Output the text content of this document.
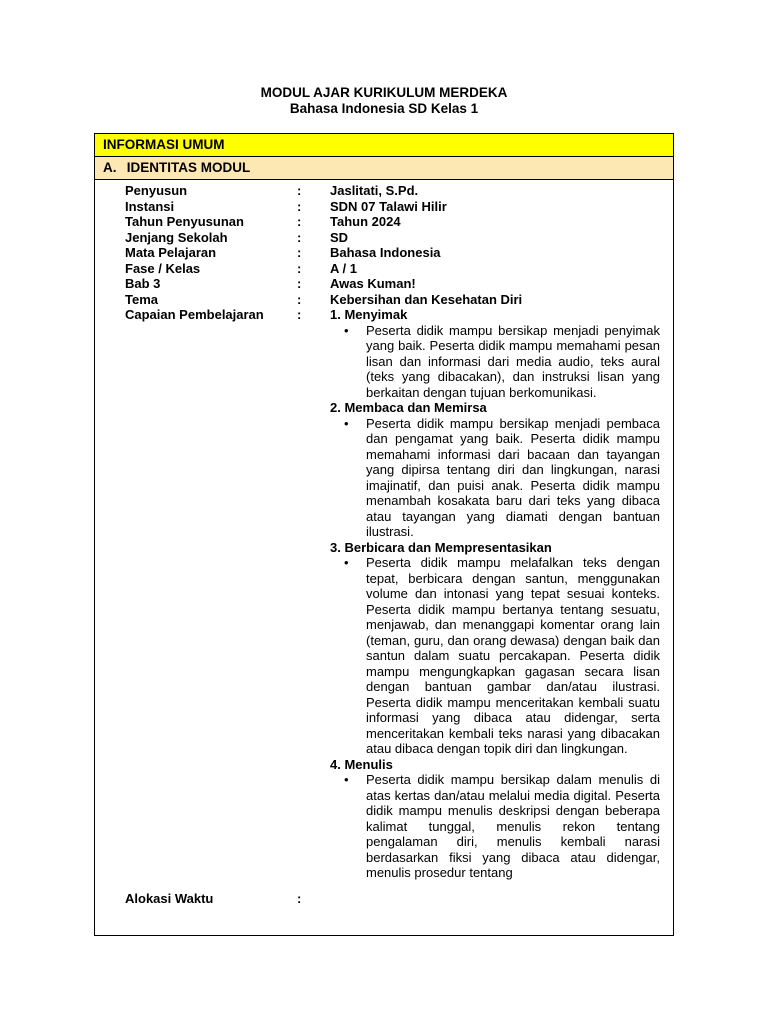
MODUL AJAR KURIKULUM MERDEKA
Bahasa Indonesia SD Kelas 1
INFORMASI UMUM
A. IDENTITAS MODUL
Penyusun	: Jaslitati, S.Pd.
Instansi	: SDN 07 Talawi Hilir
Tahun Penyusunan	: Tahun 2024
Jenjang Sekolah	: SD
Mata Pelajaran	: Bahasa Indonesia
Fase / Kelas	: A / 1
Bab 3	: Awas Kuman!
Tema	: Kebersihan dan Kesehatan Diri
Capaian Pembelajaran	: 1. Menyimak
• Peserta didik mampu bersikap menjadi penyimak yang baik. Peserta didik mampu memahami pesan lisan dan informasi dari media audio, teks aural (teks yang dibacakan), dan instruksi lisan yang berkaitan dengan tujuan berkomunikasi.
2. Membaca dan Memirsa
• Peserta didik mampu bersikap menjadi pembaca dan pengamat yang baik. Peserta didik mampu memahami informasi dari bacaan dan tayangan yang dipirsa tentang diri dan lingkungan, narasi imajinatif, dan puisi anak. Peserta didik mampu menambah kosakata baru dari teks yang dibaca atau tayangan yang diamati dengan bantuan ilustrasi.
3. Berbicara dan Mempresentasikan
• Peserta didik mampu melafalkan teks dengan tepat, berbicara dengan santun, menggunakan volume dan intonasi yang tepat sesuai konteks. Peserta didik mampu bertanya tentang sesuatu, menjawab, dan menanggapi komentar orang lain (teman, guru, dan orang dewasa) dengan baik dan santun dalam suatu percakapan. Peserta didik mampu mengungkapkan gagasan secara lisan dengan bantuan gambar dan/atau ilustrasi. Peserta didik mampu menceritakan kembali suatu informasi yang dibaca atau didengar, serta menceritakan kembali teks narasi yang dibacakan atau dibaca dengan topik diri dan lingkungan.
4. Menulis
• Peserta didik mampu bersikap dalam menulis di atas kertas dan/atau melalui media digital. Peserta didik mampu menulis deskripsi dengan beberapa kalimat tunggal, menulis rekon tentang pengalaman diri, menulis kembali narasi berdasarkan fiksi yang dibaca atau didengar, menulis prosedur tentang
Alokasi Waktu	:
